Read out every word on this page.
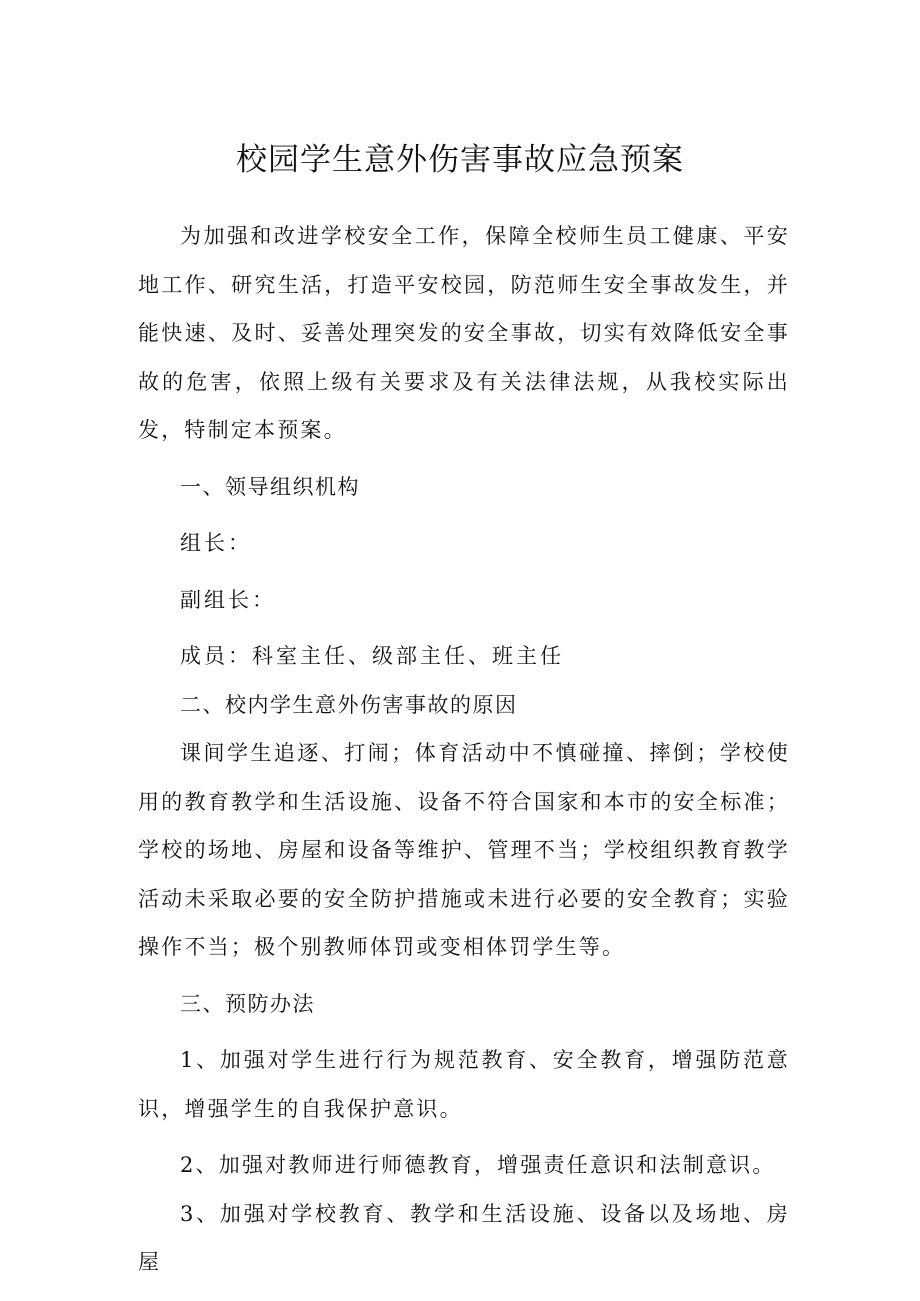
校园学生意外伤害事故应急预案

为加强和改进学校安全工作，保障全校师生员工健康、平安地工作、研究生活，打造平安校园，防范师生安全事故发生，并能快速、及时、妥善处理突发的安全事故，切实有效降低安全事故的危害，依照上级有关要求及有关法律法规，从我校实际出发，特制定本预案。

一、领导组织机构

组长：

副组长：

成员：科室主任、级部主任、班主任

二、校内学生意外伤害事故的原因

课间学生追逐、打闹；体育活动中不慎碰撞、摔倒；学校使用的教育教学和生活设施、设备不符合国家和本市的安全标准；学校的场地、房屋和设备等维护、管理不当；学校组织教育教学活动未采取必要的安全防护措施或未进行必要的安全教育；实验操作不当；极个别教师体罚或变相体罚学生等。

三、预防办法

1、加强对学生进行行为规范教育、安全教育，增强防范意识，增强学生的自我保护意识。

2、加强对教师进行师德教育，增强责任意识和法制意识。

3、加强对学校教育、教学和生活设施、设备以及场地、房屋
